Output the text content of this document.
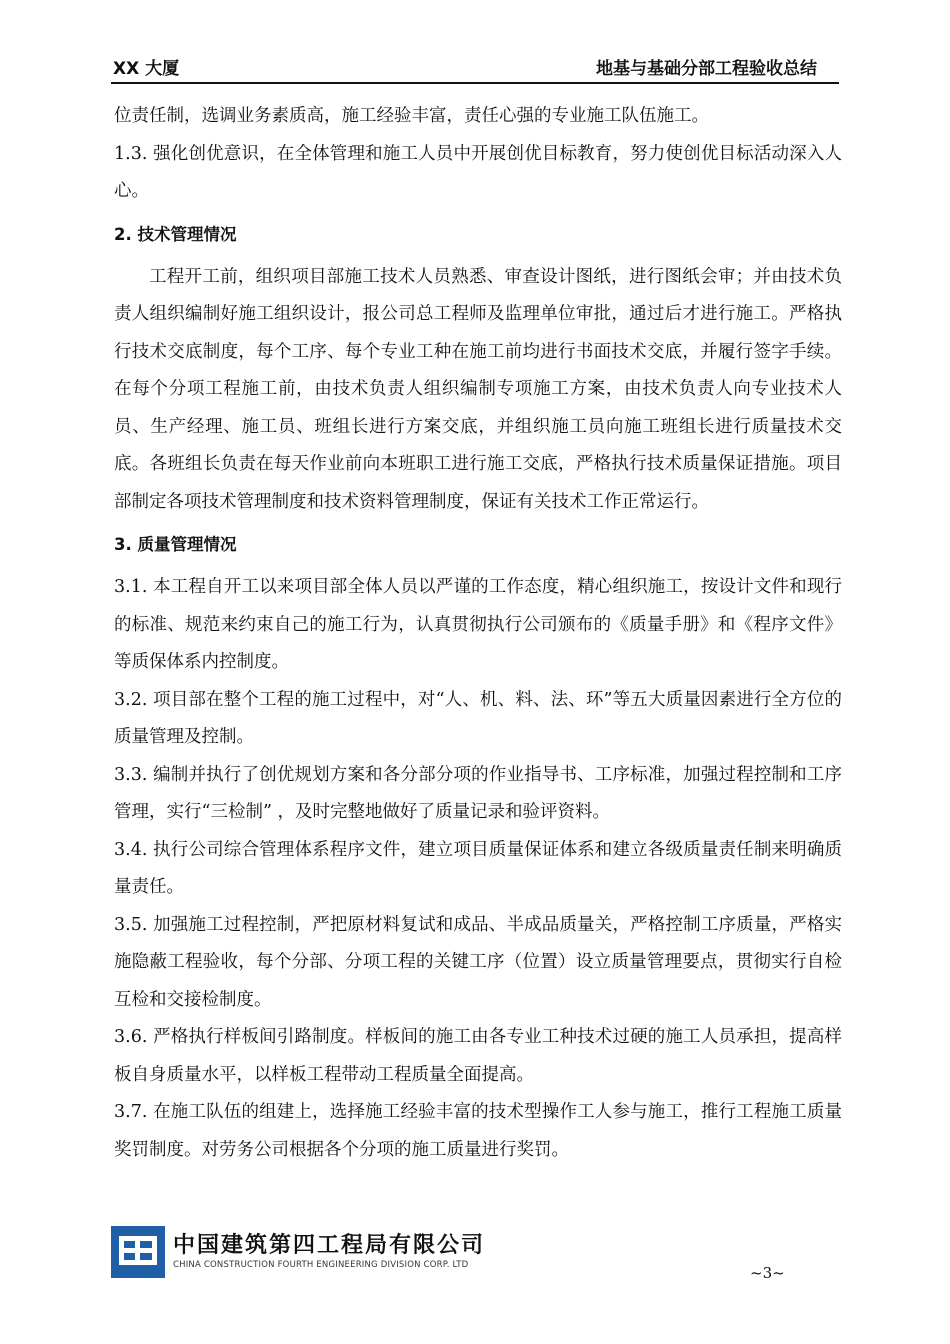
XX 大厦	地基与基础分部工程验收总结

位责任制，选调业务素质高，施工经验丰富，责任心强的专业施工队伍施工。

1.3. 强化创优意识，在全体管理和施工人员中开展创优目标教育，努力使创优目标活动深入人心。

2. 技术管理情况

工程开工前，组织项目部施工技术人员熟悉、审查设计图纸，进行图纸会审；并由技术负责人组织编制好施工组织设计，报公司总工程师及监理单位审批，通过后才进行施工。严格执行技术交底制度，每个工序、每个专业工种在施工前均进行书面技术交底，并履行签字手续。在每个分项工程施工前，由技术负责人组织编制专项施工方案，由技术负责人向专业技术人员、生产经理、施工员、班组长进行方案交底，并组织施工员向施工班组长进行质量技术交底。各班组长负责在每天作业前向本班职工进行施工交底，严格执行技术质量保证措施。项目部制定各项技术管理制度和技术资料管理制度，保证有关技术工作正常运行。

3. 质量管理情况

3.1. 本工程自开工以来项目部全体人员以严谨的工作态度，精心组织施工，按设计文件和现行的标准、规范来约束自己的施工行为，认真贯彻执行公司颁布的《质量手册》和《程序文件》等质保体系内控制度。

3.2. 项目部在整个工程的施工过程中，对“人、机、料、法、环”等五大质量因素进行全方位的质量管理及控制。

3.3. 编制并执行了创优规划方案和各分部分项的作业指导书、工序标准，加强过程控制和工序管理，实行“三检制” ，及时完整地做好了质量记录和验评资料。

3.4. 执行公司综合管理体系程序文件，建立项目质量保证体系和建立各级质量责任制来明确质量责任。

3.5. 加强施工过程控制，严把原材料复试和成品、半成品质量关，严格控制工序质量，严格实施隐蔽工程验收，每个分部、分项工程的关键工序（位置）设立质量管理要点，贯彻实行自检互检和交接检制度。

3.6. 严格执行样板间引路制度。样板间的施工由各专业工种技术过硬的施工人员承担，提高样板自身质量水平，以样板工程带动工程质量全面提高。

3.7. 在施工队伍的组建上，选择施工经验丰富的技术型操作工人参与施工，推行工程施工质量奖罚制度。对劳务公司根据各个分项的施工质量进行奖罚。

中国建筑第四工程局有限公司
CHINA CONSTRUCTION FOURTH ENGINEERING DIVISION CORP. LTD	~3~
